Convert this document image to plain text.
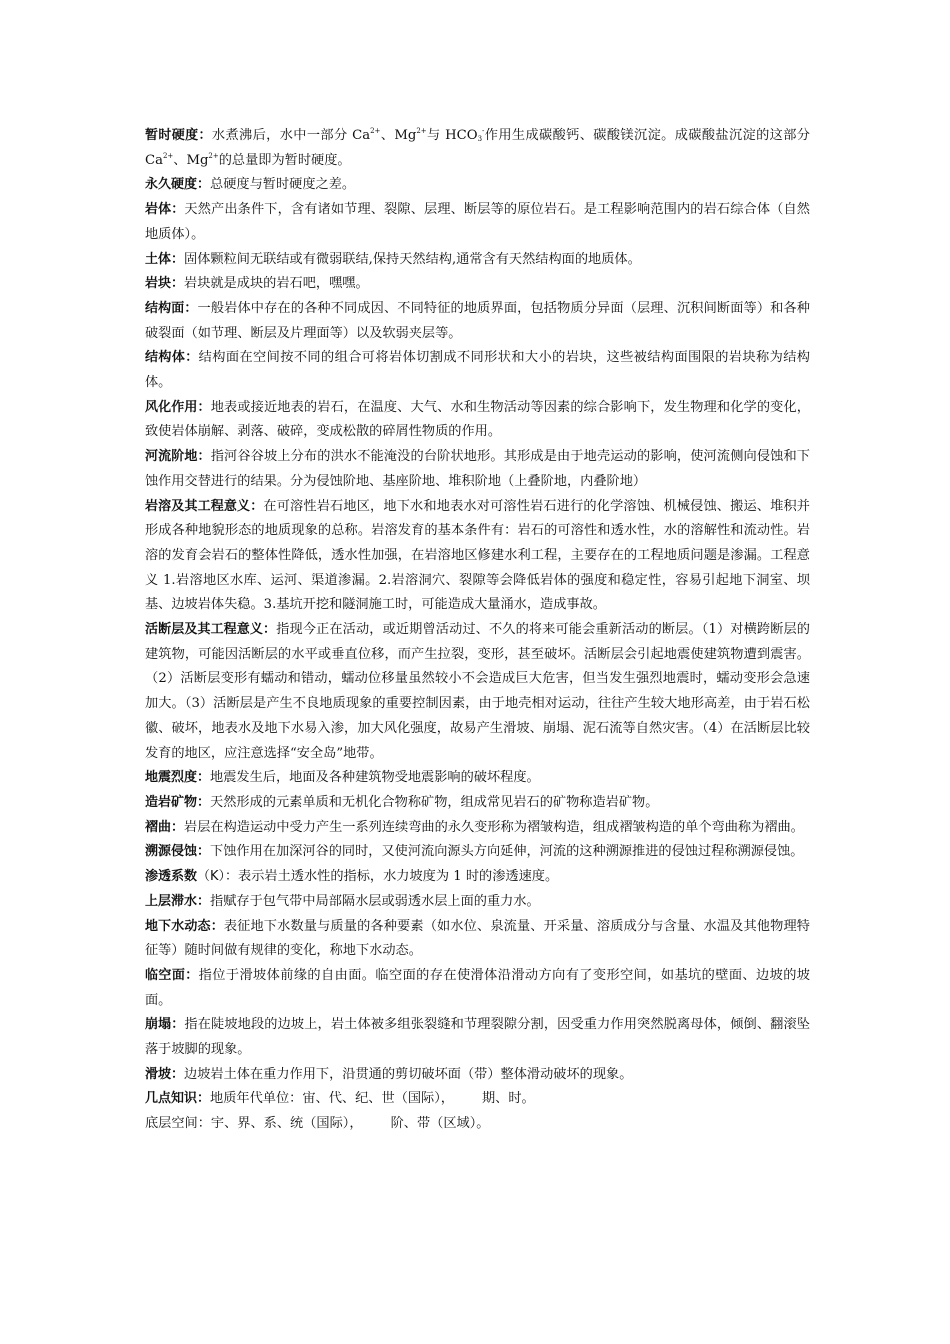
暂时硬度：水煮沸后，水中一部分 $Ca^{2+}$、$Mg^{2+}$与 $HCO_3^-$作用生成碳酸钙、碳酸镁沉淀。成碳酸盐沉淀的这部分 $Ca^{2+}$、$Mg^{2+}$的总量即为暂时硬度。

永久硬度：总硬度与暂时硬度之差。

岩体：天然产出条件下，含有诸如节理、裂隙、层理、断层等的原位岩石。是工程影响范围内的岩石综合体（自然地质体）。

土体：固体颗粒间无联结或有微弱联结,保持天然结构,通常含有天然结构面的地质体。

岩块：岩块就是成块的岩石吧，嘿嘿。

结构面：一般岩体中存在的各种不同成因、不同特征的地质界面，包括物质分异面（层理、沉积间断面等）和各种破裂面（如节理、断层及片理面等）以及软弱夹层等。

结构体：结构面在空间按不同的组合可将岩体切割成不同形状和大小的岩块，这些被结构面围限的岩块称为结构体。

风化作用：地表或接近地表的岩石，在温度、大气、水和生物活动等因素的综合影响下，发生物理和化学的变化，致使岩体崩解、剥落、破碎，变成松散的碎屑性物质的作用。

河流阶地：指河谷谷坡上分布的洪水不能淹没的台阶状地形。其形成是由于地壳运动的影响，使河流侧向侵蚀和下蚀作用交替进行的结果。分为侵蚀阶地、基座阶地、堆积阶地（上叠阶地，内叠阶地）

岩溶及其工程意义：在可溶性岩石地区，地下水和地表水对可溶性岩石进行的化学溶蚀、机械侵蚀、搬运、堆积并形成各种地貌形态的地质现象的总称。岩溶发育的基本条件有：岩石的可溶性和透水性，水的溶解性和流动性。岩溶的发育会岩石的整体性降低，透水性加强，在岩溶地区修建水利工程，主要存在的工程地质问题是渗漏。工程意义 1.岩溶地区水库、运河、渠道渗漏。2.岩溶洞穴、裂隙等会降低岩体的强度和稳定性，容易引起地下洞室、坝基、边坡岩体失稳。3.基坑开挖和隧洞施工时，可能造成大量涌水，造成事故。

活断层及其工程意义：指现今正在活动，或近期曾活动过、不久的将来可能会重新活动的断层。（1）对横跨断层的建筑物，可能因活断层的水平或垂直位移，而产生拉裂，变形，甚至破坏。活断层会引起地震使建筑物遭到震害。（2）活断层变形有蠕动和错动，蠕动位移量虽然较小不会造成巨大危害，但当发生强烈地震时，蠕动变形会急速加大。（3）活断层是产生不良地质现象的重要控制因素，由于地壳相对运动，往往产生较大地形高差，由于岩石松徽、破坏，地表水及地下水易入渗，加大风化强度，故易产生滑坡、崩塌、泥石流等自然灾害。（4）在活断层比较发育的地区，应注意选择“安全岛”地带。

地震烈度：地震发生后，地面及各种建筑物受地震影响的破坏程度。

造岩矿物：天然形成的元素单质和无机化合物称矿物，组成常见岩石的矿物称造岩矿物。

褶曲：岩层在构造运动中受力产生一系列连续弯曲的永久变形称为褶皱构造，组成褶皱构造的单个弯曲称为褶曲。

溯源侵蚀：下蚀作用在加深河谷的同时，又使河流向源头方向延伸，河流的这种溯源推进的侵蚀过程称溯源侵蚀。

渗透系数（K）：表示岩土透水性的指标，水力坡度为 1 时的渗透速度。

上层滞水：指赋存于包气带中局部隔水层或弱透水层上面的重力水。

地下水动态：表征地下水数量与质量的各种要素（如水位、泉流量、开采量、溶质成分与含量、水温及其他物理特征等）随时间做有规律的变化，称地下水动态。

临空面：指位于滑坡体前缘的自由面。临空面的存在使滑体沿滑动方向有了变形空间，如基坑的壁面、边坡的坡面。

崩塌：指在陡坡地段的边坡上，岩土体被多组张裂缝和节理裂隙分割，因受重力作用突然脱离母体，倾倒、翻滚坠落于坡脚的现象。

滑坡：边坡岩土体在重力作用下，沿贯通的剪切破坏面（带）整体滑动破坏的现象。

几点知识：地质年代单位：宙、代、纪、世（国际）， 期、时。

底层空间：宇、界、系、统（国际）， 阶、带（区域）。
